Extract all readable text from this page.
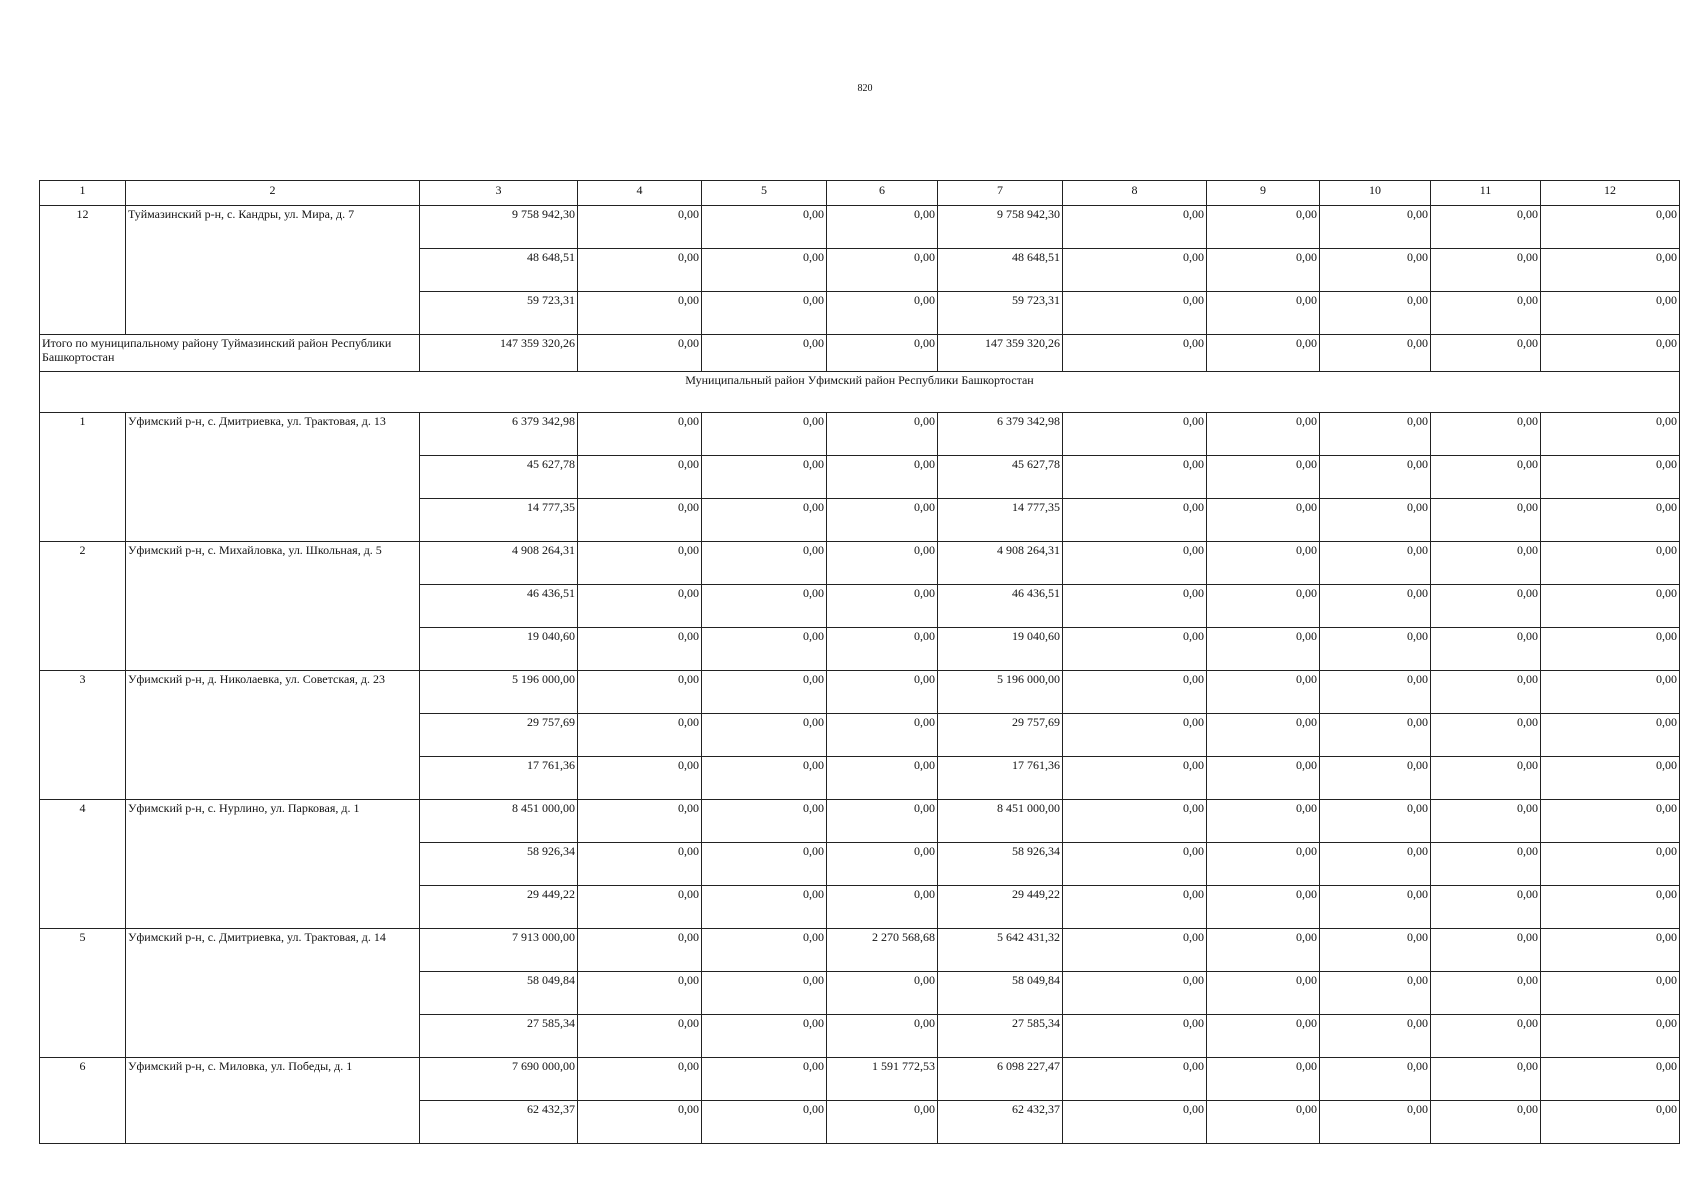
820
1	2	3	4	5	6	7	8	9	10	11	12
12	Туймазинский р-н, с. Кандры, ул. Мира, д. 7	9 758 942,30	0,00	0,00	0,00	9 758 942,30	0,00	0,00	0,00	0,00	0,00
		48 648,51	0,00	0,00	0,00	48 648,51	0,00	0,00	0,00	0,00	0,00
		59 723,31	0,00	0,00	0,00	59 723,31	0,00	0,00	0,00	0,00	0,00
Итого по муниципальному району Туймазинский район Республики Башкортостан		147 359 320,26	0,00	0,00	0,00	147 359 320,26	0,00	0,00	0,00	0,00	0,00
Муниципальный район Уфимский район Республики Башкортостан											
1	Уфимский р-н, с. Дмитриевка, ул. Трактовая, д. 13	6 379 342,98	0,00	0,00	0,00	6 379 342,98	0,00	0,00	0,00	0,00	0,00
		45 627,78	0,00	0,00	0,00	45 627,78	0,00	0,00	0,00	0,00	0,00
		14 777,35	0,00	0,00	0,00	14 777,35	0,00	0,00	0,00	0,00	0,00
2	Уфимский р-н, с. Михайловка, ул. Школьная, д. 5	4 908 264,31	0,00	0,00	0,00	4 908 264,31	0,00	0,00	0,00	0,00	0,00
		46 436,51	0,00	0,00	0,00	46 436,51	0,00	0,00	0,00	0,00	0,00
		19 040,60	0,00	0,00	0,00	19 040,60	0,00	0,00	0,00	0,00	0,00
3	Уфимский р-н, д. Николаевка, ул. Советская, д. 23	5 196 000,00	0,00	0,00	0,00	5 196 000,00	0,00	0,00	0,00	0,00	0,00
		29 757,69	0,00	0,00	0,00	29 757,69	0,00	0,00	0,00	0,00	0,00
		17 761,36	0,00	0,00	0,00	17 761,36	0,00	0,00	0,00	0,00	0,00
4	Уфимский р-н, с. Нурлино, ул. Парковая, д. 1	8 451 000,00	0,00	0,00	0,00	8 451 000,00	0,00	0,00	0,00	0,00	0,00
		58 926,34	0,00	0,00	0,00	58 926,34	0,00	0,00	0,00	0,00	0,00
		29 449,22	0,00	0,00	0,00	29 449,22	0,00	0,00	0,00	0,00	0,00
5	Уфимский р-н, с. Дмитриевка, ул. Трактовая, д. 14	7 913 000,00	0,00	0,00	2 270 568,68	5 642 431,32	0,00	0,00	0,00	0,00	0,00
		58 049,84	0,00	0,00	0,00	58 049,84	0,00	0,00	0,00	0,00	0,00
		27 585,34	0,00	0,00	0,00	27 585,34	0,00	0,00	0,00	0,00	0,00
6	Уфимский р-н, с. Миловка, ул. Победы, д. 1	7 690 000,00	0,00	0,00	1 591 772,53	6 098 227,47	0,00	0,00	0,00	0,00	0,00
		62 432,37	0,00	0,00	0,00	62 432,37	0,00	0,00	0,00	0,00	0,00
